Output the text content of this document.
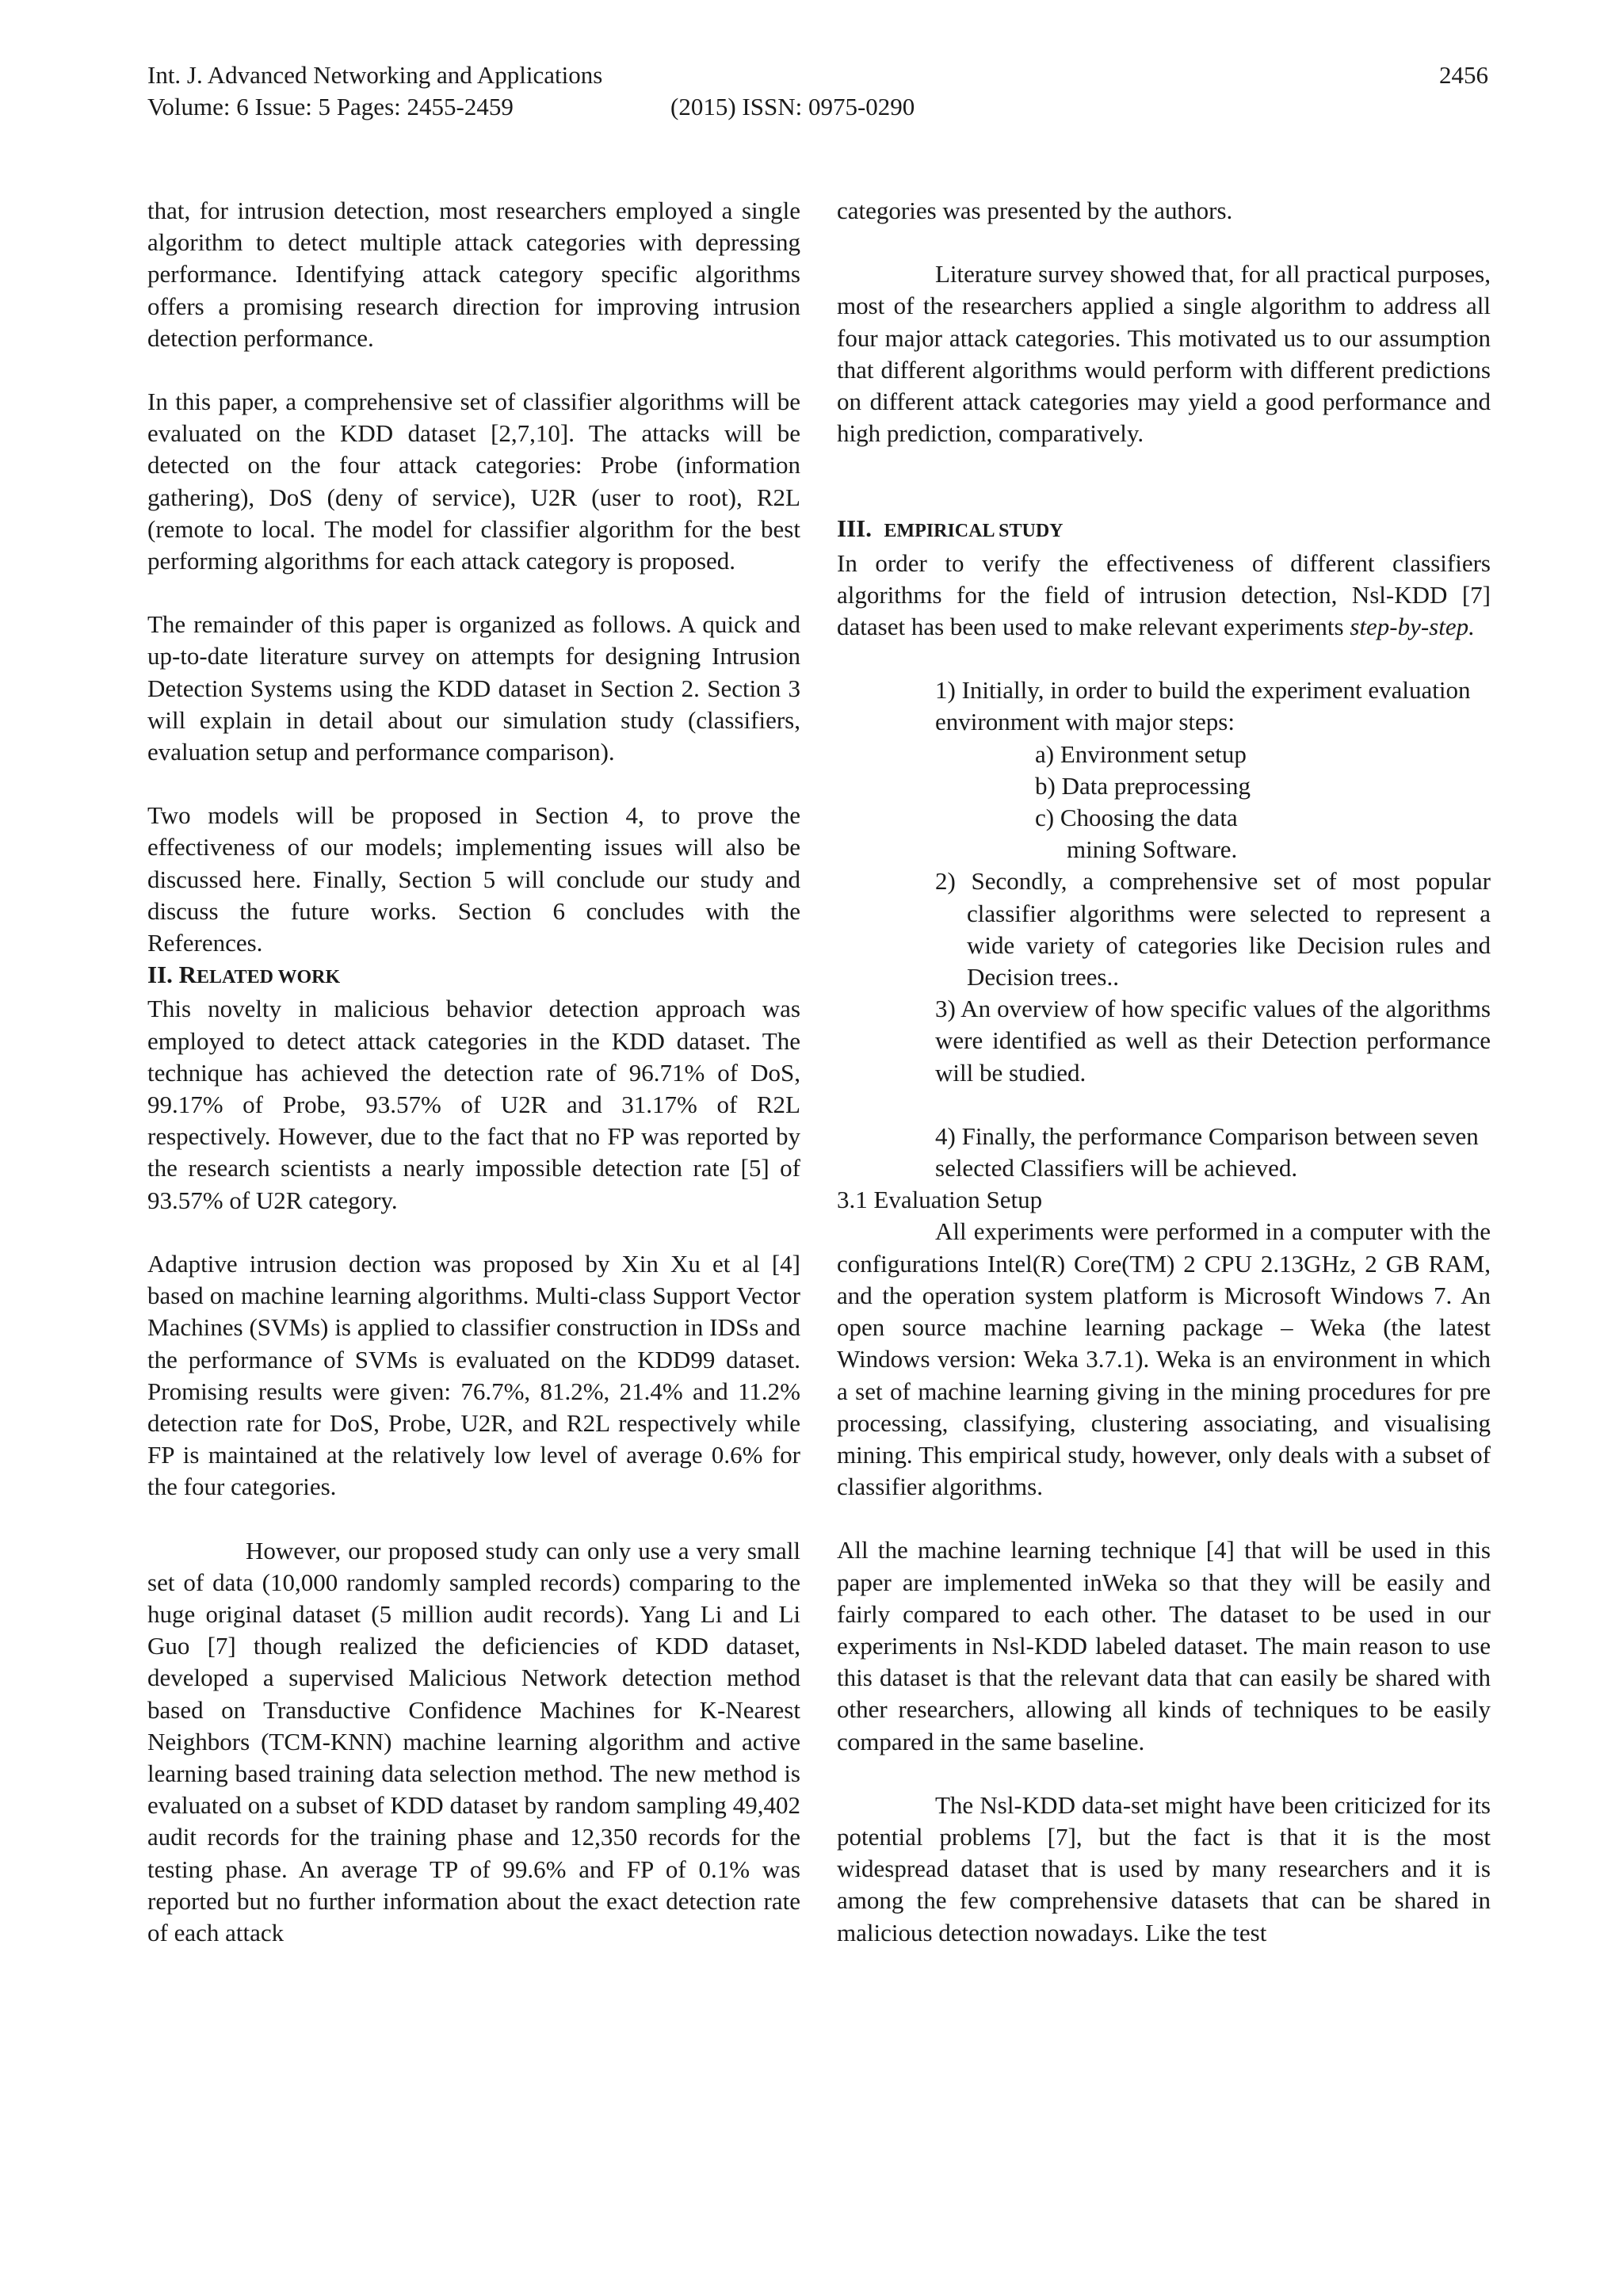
Int. J. Advanced Networking and Applications
Volume: 6 Issue: 5 Pages: 2455-2459	(2015) ISSN: 0975-0290
2456

that, for intrusion detection, most researchers employed a single algorithm to detect multiple attack categories with depressing performance. Identifying attack category specific algorithms offers a promising research direction for improving intrusion detection performance.

In this paper, a comprehensive set of classifier algorithms will be evaluated on the KDD dataset [2,7,10]. The attacks will be detected on the four attack categories: Probe (information gathering), DoS (deny of service), U2R (user to root), R2L (remote to local. The model for classifier algorithm for the best performing algorithms for each attack category is proposed.

The remainder of this paper is organized as follows. A quick and up-to-date literature survey on attempts for designing Intrusion Detection Systems using the KDD dataset in Section 2. Section 3 will explain in detail about our simulation study (classifiers, evaluation setup and performance comparison).

Two models will be proposed in Section 4, to prove the effectiveness of our models; implementing issues will also be discussed here. Finally, Section 5 will conclude our study and discuss the future works. Section 6 concludes with the References.

II. RELATED WORK

This novelty in malicious behavior detection approach was employed to detect attack categories in the KDD dataset. The technique has achieved the detection rate of 96.71% of DoS, 99.17% of Probe, 93.57% of U2R and 31.17% of R2L respectively. However, due to the fact that no FP was reported by the research scientists a nearly impossible detection rate [5] of 93.57% of U2R category.

Adaptive intrusion dection was proposed by Xin Xu et al [4] based on machine learning algorithms. Multi-class Support Vector Machines (SVMs) is applied to classifier construction in IDSs and the performance of SVMs is evaluated on the KDD99 dataset. Promising results were given: 76.7%, 81.2%, 21.4% and 11.2% detection rate for DoS, Probe, U2R, and R2L respectively while FP is maintained at the relatively low level of average 0.6% for the four categories.

However, our proposed study can only use a very small set of data (10,000 randomly sampled records) comparing to the huge original dataset (5 million audit records). Yang Li and Li Guo [7] though realized the deficiencies of KDD dataset, developed a supervised Malicious Network detection method based on Transductive Confidence Machines for K-Nearest Neighbors (TCM-KNN) machine learning algorithm and active learning based training data selection method. The new method is evaluated on a subset of KDD dataset by random sampling 49,402 audit records for the training phase and 12,350 records for the testing phase. An average TP of 99.6% and FP of 0.1% was reported but no further information about the exact detection rate of each attack

categories was presented by the authors.

Literature survey showed that, for all practical purposes, most of the researchers applied a single algorithm to address all four major attack categories. This motivated us to our assumption that different algorithms would perform with different predictions on different attack categories may yield a good performance and high prediction, comparatively.

III. EMPIRICAL STUDY

In order to verify the effectiveness of different classifiers algorithms for the field of intrusion detection, Nsl-KDD [7] dataset has been used to make relevant experiments step-by-step.

1) Initially, in order to build the experiment evaluation environment with major steps:

a) Environment setup

b) Data preprocessing

c) Choosing the data

mining Software.

2) Secondly, a comprehensive set of most popular classifier algorithms were selected to represent a wide variety of categories like Decision rules and Decision trees..

3) An overview of how specific values of the algorithms were identified as well as their Detection performance will be studied.

4) Finally, the performance Comparison between seven selected Classifiers will be achieved.

3.1 Evaluation Setup

All experiments were performed in a computer with the configurations Intel(R) Core(TM) 2 CPU 2.13GHz, 2 GB RAM, and the operation system platform is Microsoft Windows 7. An open source machine learning package – Weka (the latest Windows version: Weka 3.7.1). Weka is an environment in which a set of machine learning giving in the mining procedures for pre processing, classifying, clustering associating, and visualising mining. This empirical study, however, only deals with a subset of classifier algorithms.

All the machine learning technique [4] that will be used in this paper are implemented inWeka so that they will be easily and fairly compared to each other. The dataset to be used in our experiments in Nsl-KDD labeled dataset. The main reason to use this dataset is that the relevant data that can easily be shared with other researchers, allowing all kinds of techniques to be easily compared in the same baseline.

The Nsl-KDD data-set might have been criticized for its potential problems [7], but the fact is that it is the most widespread dataset that is used by many researchers and it is among the few comprehensive datasets that can be shared in malicious detection nowadays. Like the test
